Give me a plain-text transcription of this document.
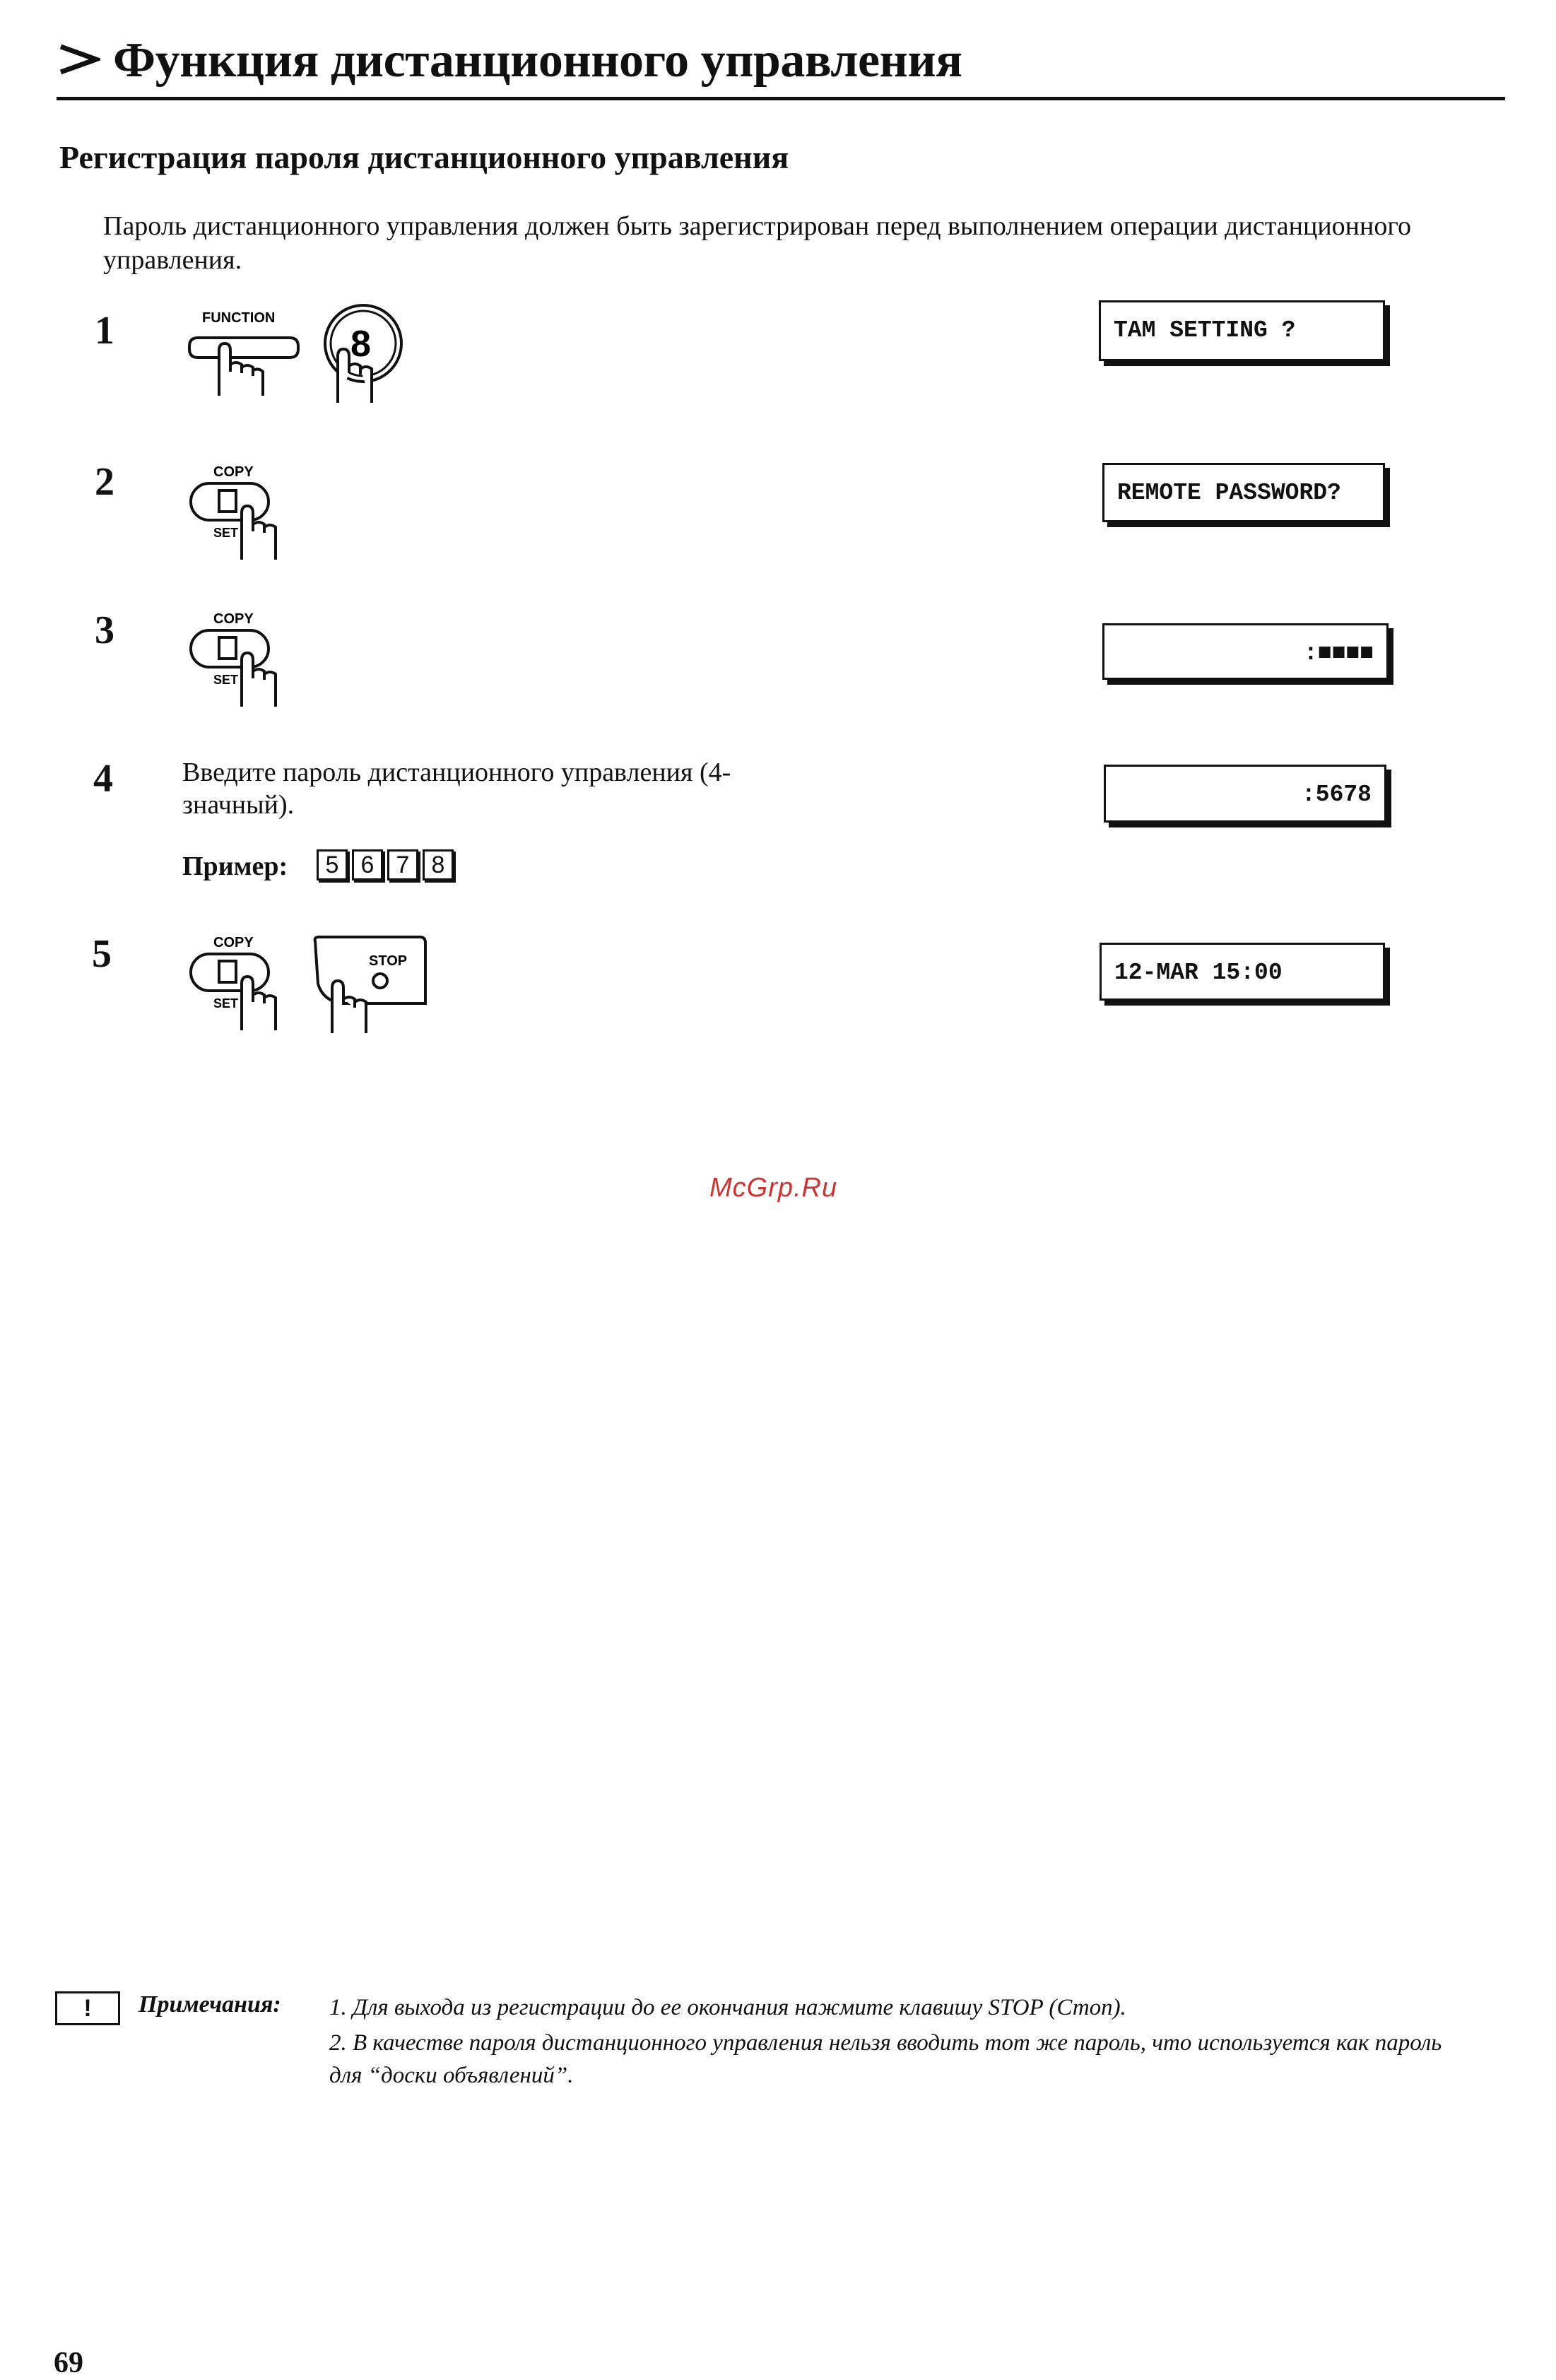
Функция дистанционного управления
Регистрация пароля дистанционного управления
Пароль дистанционного управления должен быть зарегистрирован перед выполнением операции дистанционного управления.
1	FUNCTION
8	TAM SETTING ?
2	COPY
SET
REMOTE PASSWORD?
3	COPY
SET
:■■■■
4	Введите пароль дистанционного управления (4-значный).
Пример:	5 6 7 8
:5678
5	COPY
SET
STOP	12-MAR 15:00
McGrp.Ru
!	Примечания: 1. Для выхода из регистрации до ее окончания нажмите клавишу STOP (Стоп).
2. В качестве пароля дистанционного управления нельзя вводить тот же пароль, что используется как пароль для “доски объявлений”.
69
